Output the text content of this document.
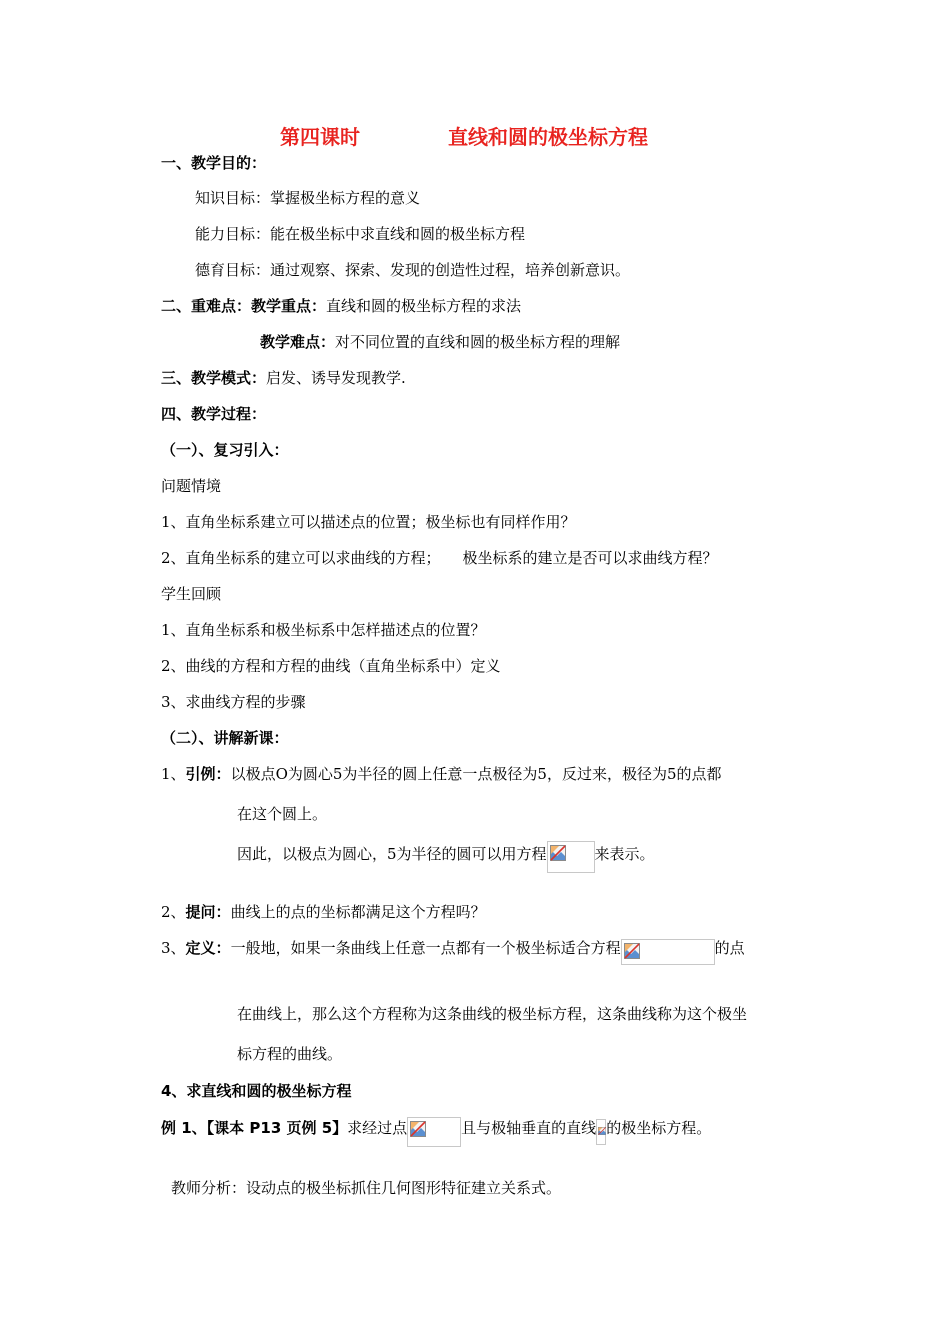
第四课时	直线和圆的极坐标方程
一、教学目的：
知识目标：掌握极坐标方程的意义
能力目标：能在极坐标中求直线和圆的极坐标方程
德育目标：通过观察、探索、发现的创造性过程，培养创新意识。
二、重难点：教学重点：直线和圆的极坐标方程的求法
教学难点：对不同位置的直线和圆的极坐标方程的理解
三、教学模式：启发、诱导发现教学.
四、教学过程：
（一）、复习引入：
问题情境
1、直角坐标系建立可以描述点的位置；极坐标也有同样作用？
2、直角坐标系的建立可以求曲线的方程； 极坐标系的建立是否可以求曲线方程？
学生回顾
1、直角坐标系和极坐标系中怎样描述点的位置？
2、曲线的方程和方程的曲线（直角坐标系中）定义
3、求曲线方程的步骤
（二）、讲解新课：
1、引例：以极点O为圆心5为半径的圆上任意一点极径为5，反过来，极径为5的点都
在这个圆上。
因此，以极点为圆心，5为半径的圆可以用方程	来表示。
2、提问：曲线上的点的坐标都满足这个方程吗？
3、定义：一般地，如果一条曲线上任意一点都有一个极坐标适合方程	的点
在曲线上，那么这个方程称为这条曲线的极坐标方程，这条曲线称为这个极坐
标方程的曲线。
4、求直线和圆的极坐标方程
例 1、【课本 P13 页例 5】求经过点	且与极轴垂直的直线 的极坐标方程。
教师分析：设动点的极坐标抓住几何图形特征建立关系式。
